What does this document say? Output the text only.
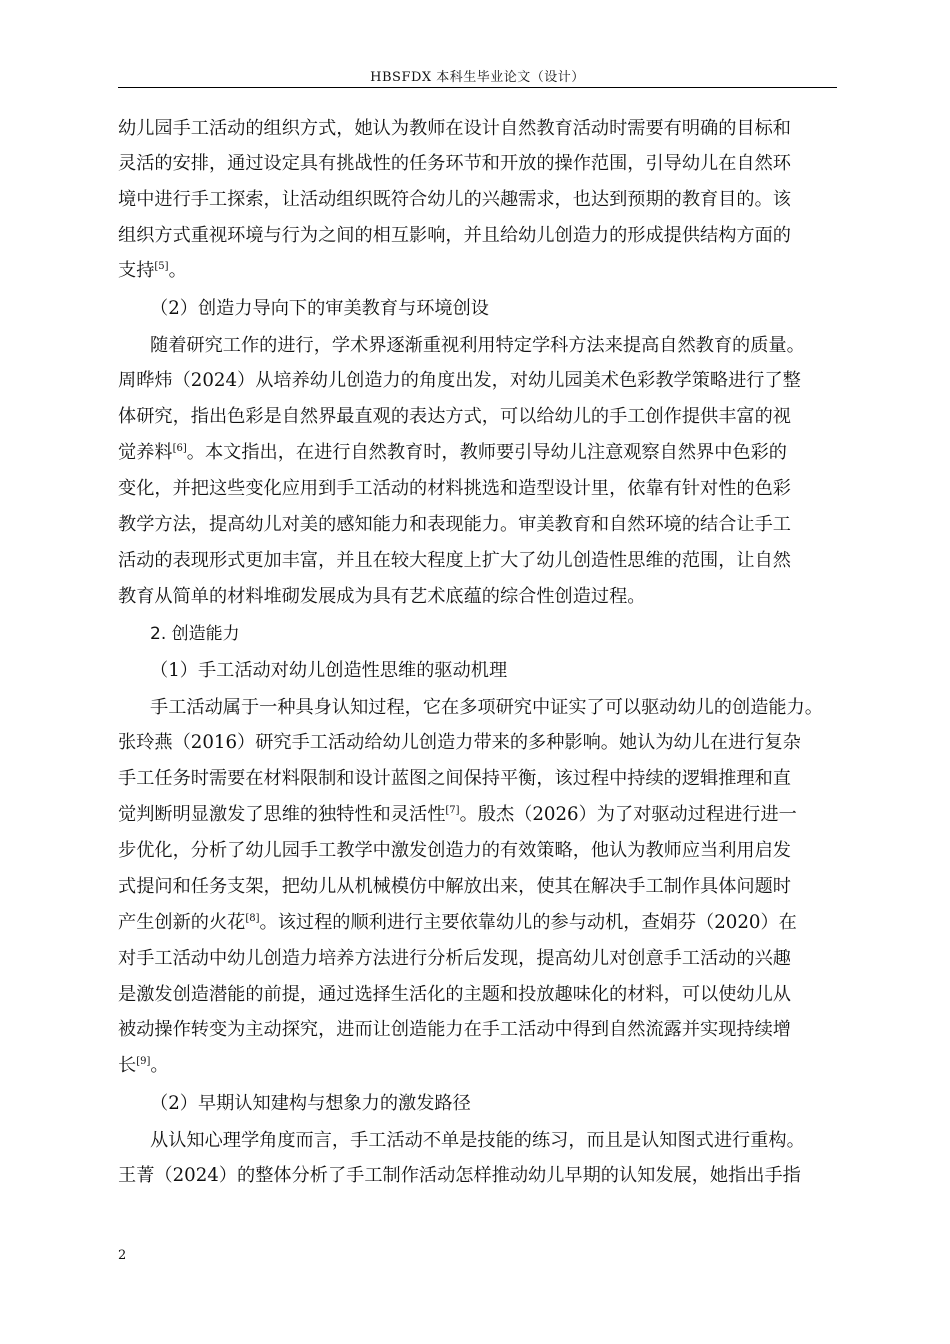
HBSFDX 本科生毕业论文（设计）
幼儿园手工活动的组织方式，她认为教师在设计自然教育活动时需要有明确的目标和
灵活的安排，通过设定具有挑战性的任务环节和开放的操作范围，引导幼儿在自然环
境中进行手工探索，让活动组织既符合幼儿的兴趣需求，也达到预期的教育目的。该
组织方式重视环境与行为之间的相互影响，并且给幼儿创造力的形成提供结构方面的
支持[5]。
（2）创造力导向下的审美教育与环境创设
随着研究工作的进行，学术界逐渐重视利用特定学科方法来提高自然教育的质量。
周晔炜（2024）从培养幼儿创造力的角度出发，对幼儿园美术色彩教学策略进行了整
体研究，指出色彩是自然界最直观的表达方式，可以给幼儿的手工创作提供丰富的视
觉养料[6]。本文指出，在进行自然教育时，教师要引导幼儿注意观察自然界中色彩的
变化，并把这些变化应用到手工活动的材料挑选和造型设计里，依靠有针对性的色彩
教学方法，提高幼儿对美的感知能力和表现能力。审美教育和自然环境的结合让手工
活动的表现形式更加丰富，并且在较大程度上扩大了幼儿创造性思维的范围，让自然
教育从简单的材料堆砌发展成为具有艺术底蕴的综合性创造过程。
2. 创造能力
（1）手工活动对幼儿创造性思维的驱动机理
手工活动属于一种具身认知过程，它在多项研究中证实了可以驱动幼儿的创造能力。
张玲燕（2016）研究手工活动给幼儿创造力带来的多种影响。她认为幼儿在进行复杂
手工任务时需要在材料限制和设计蓝图之间保持平衡，该过程中持续的逻辑推理和直
觉判断明显激发了思维的独特性和灵活性[7]。殷杰（2026）为了对驱动过程进行进一
步优化，分析了幼儿园手工教学中激发创造力的有效策略，他认为教师应当利用启发
式提问和任务支架，把幼儿从机械模仿中解放出来，使其在解决手工制作具体问题时
产生创新的火花[8]。该过程的顺利进行主要依靠幼儿的参与动机，查娟芬（2020）在
对手工活动中幼儿创造力培养方法进行分析后发现，提高幼儿对创意手工活动的兴趣
是激发创造潜能的前提，通过选择生活化的主题和投放趣味化的材料，可以使幼儿从
被动操作转变为主动探究，进而让创造能力在手工活动中得到自然流露并实现持续增
长[9]。
（2）早期认知建构与想象力的激发路径
从认知心理学角度而言，手工活动不单是技能的练习，而且是认知图式进行重构。
王菁（2024）的整体分析了手工制作活动怎样推动幼儿早期的认知发展，她指出手指
2
